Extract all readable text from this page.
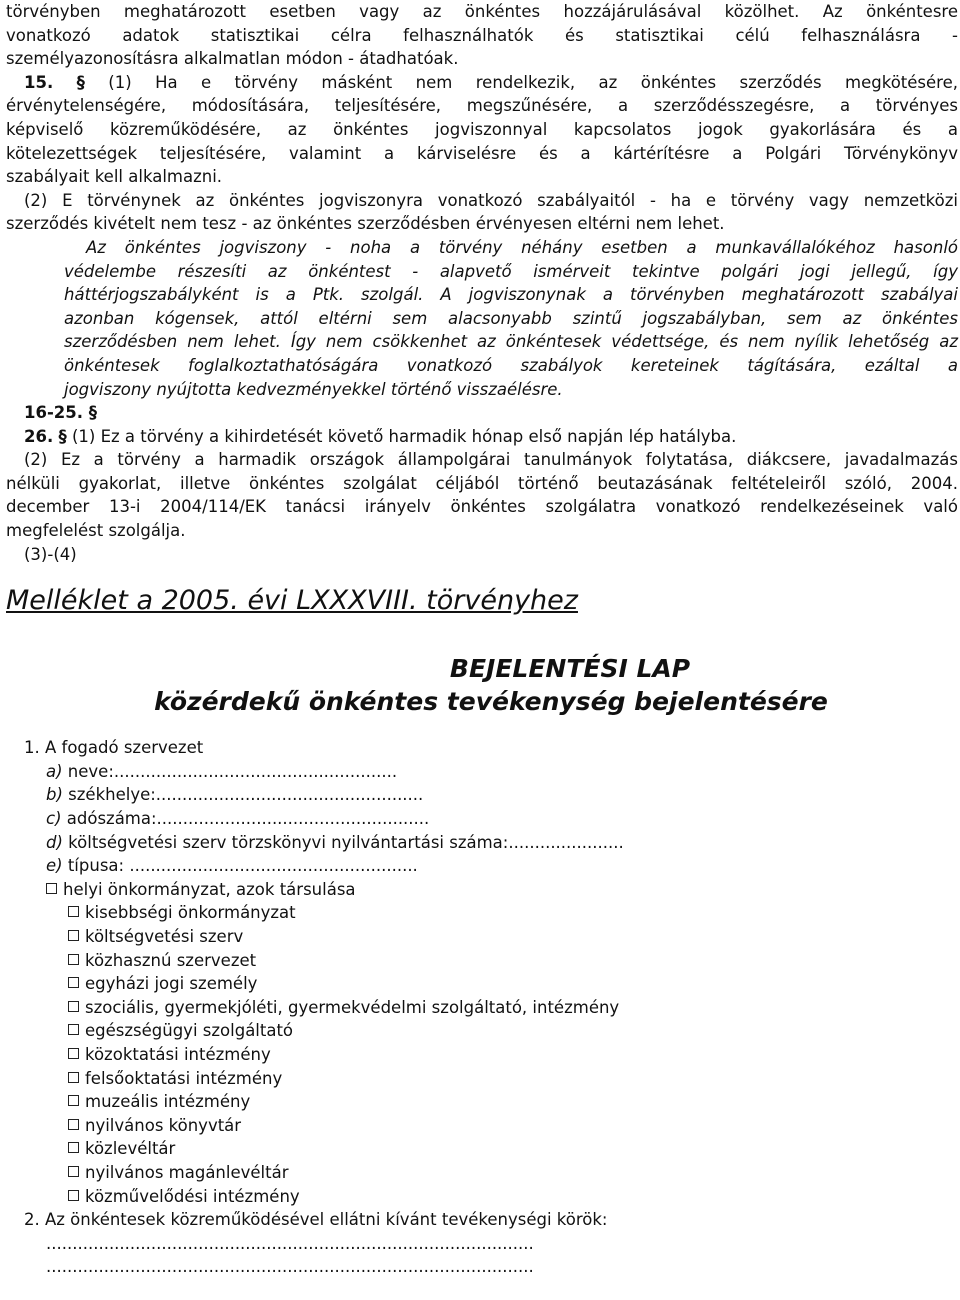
törvényben meghatározott esetben vagy az önkéntes hozzájárulásával közölhet. Az önkéntesre

vonatkozó adatok statisztikai célra felhasználhatók és statisztikai célú felhasználásra -

személyazonosításra alkalmatlan módon - átadhatóak.

15. § (1) Ha e törvény másként nem rendelkezik, az önkéntes szerződés megkötésére,

érvénytelenségére, módosítására, teljesítésére, megszűnésére, a szerződésszegésre, a törvényes

képviselő közreműködésére, az önkéntes jogviszonnyal kapcsolatos jogok gyakorlására és a

kötelezettségek teljesítésére, valamint a kárviselésre és a kártérítésre a Polgári Törvénykönyv

szabályait kell alkalmazni.

(2) E törvénynek az önkéntes jogviszonyra vonatkozó szabályaitól - ha e törvény vagy nemzetközi

szerződés kivételt nem tesz - az önkéntes szerződésben érvényesen eltérni nem lehet.

Az önkéntes jogviszony - noha a törvény néhány esetben a munkavállalókéhoz hasonló

védelembe részesíti az önkéntest - alapvető ismérveit tekintve polgári jogi jellegű, így

háttérjogszabályként is a Ptk. szolgál. A jogviszonynak a törvényben meghatározott szabályai

azonban kógensek, attól eltérni sem alacsonyabb szintű jogszabályban, sem az önkéntes

szerződésben nem lehet. Így nem csökkenhet az önkéntesek védettsége, és nem nyílik lehetőség az

önkéntesek foglalkoztathatóságára vonatkozó szabályok kereteinek tágítására, ezáltal a

jogviszony nyújtotta kedvezményekkel történő visszaélésre.

16-25. §

26. § (1) Ez a törvény a kihirdetését követő harmadik hónap első napján lép hatályba.

(2) Ez a törvény a harmadik országok állampolgárai tanulmányok folytatása, diákcsere, javadalmazás

nélküli gyakorlat, illetve önkéntes szolgálat céljából történő beutazásának feltételeiről szóló, 2004.

december 13-i 2004/114/EK tanácsi irányelv önkéntes szolgálatra vonatkozó rendelkezéseinek való

megfelelést szolgálja.

(3)-(4)

Melléklet a 2005. évi LXXXVIII. törvényhez

BEJELENTÉSI LAP

közérdekű önkéntes tevékenység bejelentésére

1. A fogadó szervezet

a) neve:......................................................

b) székhelye:...................................................

c) adószáma:....................................................

d) költségvetési szerv törzskönyvi nyilvántartási száma:......................

e) típusa: .......................................................

helyi önkormányzat, azok társulása

kisebbségi önkormányzat

költségvetési szerv

közhasznú szervezet

egyházi jogi személy

szociális, gyermekjóléti, gyermekvédelmi szolgáltató, intézmény

egészségügyi szolgáltató

közoktatási intézmény

felsőoktatási intézmény

muzeális intézmény

nyilvános könyvtár

közlevéltár

nyilvános magánlevéltár

közművelődési intézmény

2. Az önkéntesek közreműködésével ellátni kívánt tevékenységi körök:

.............................................................................................

.............................................................................................
